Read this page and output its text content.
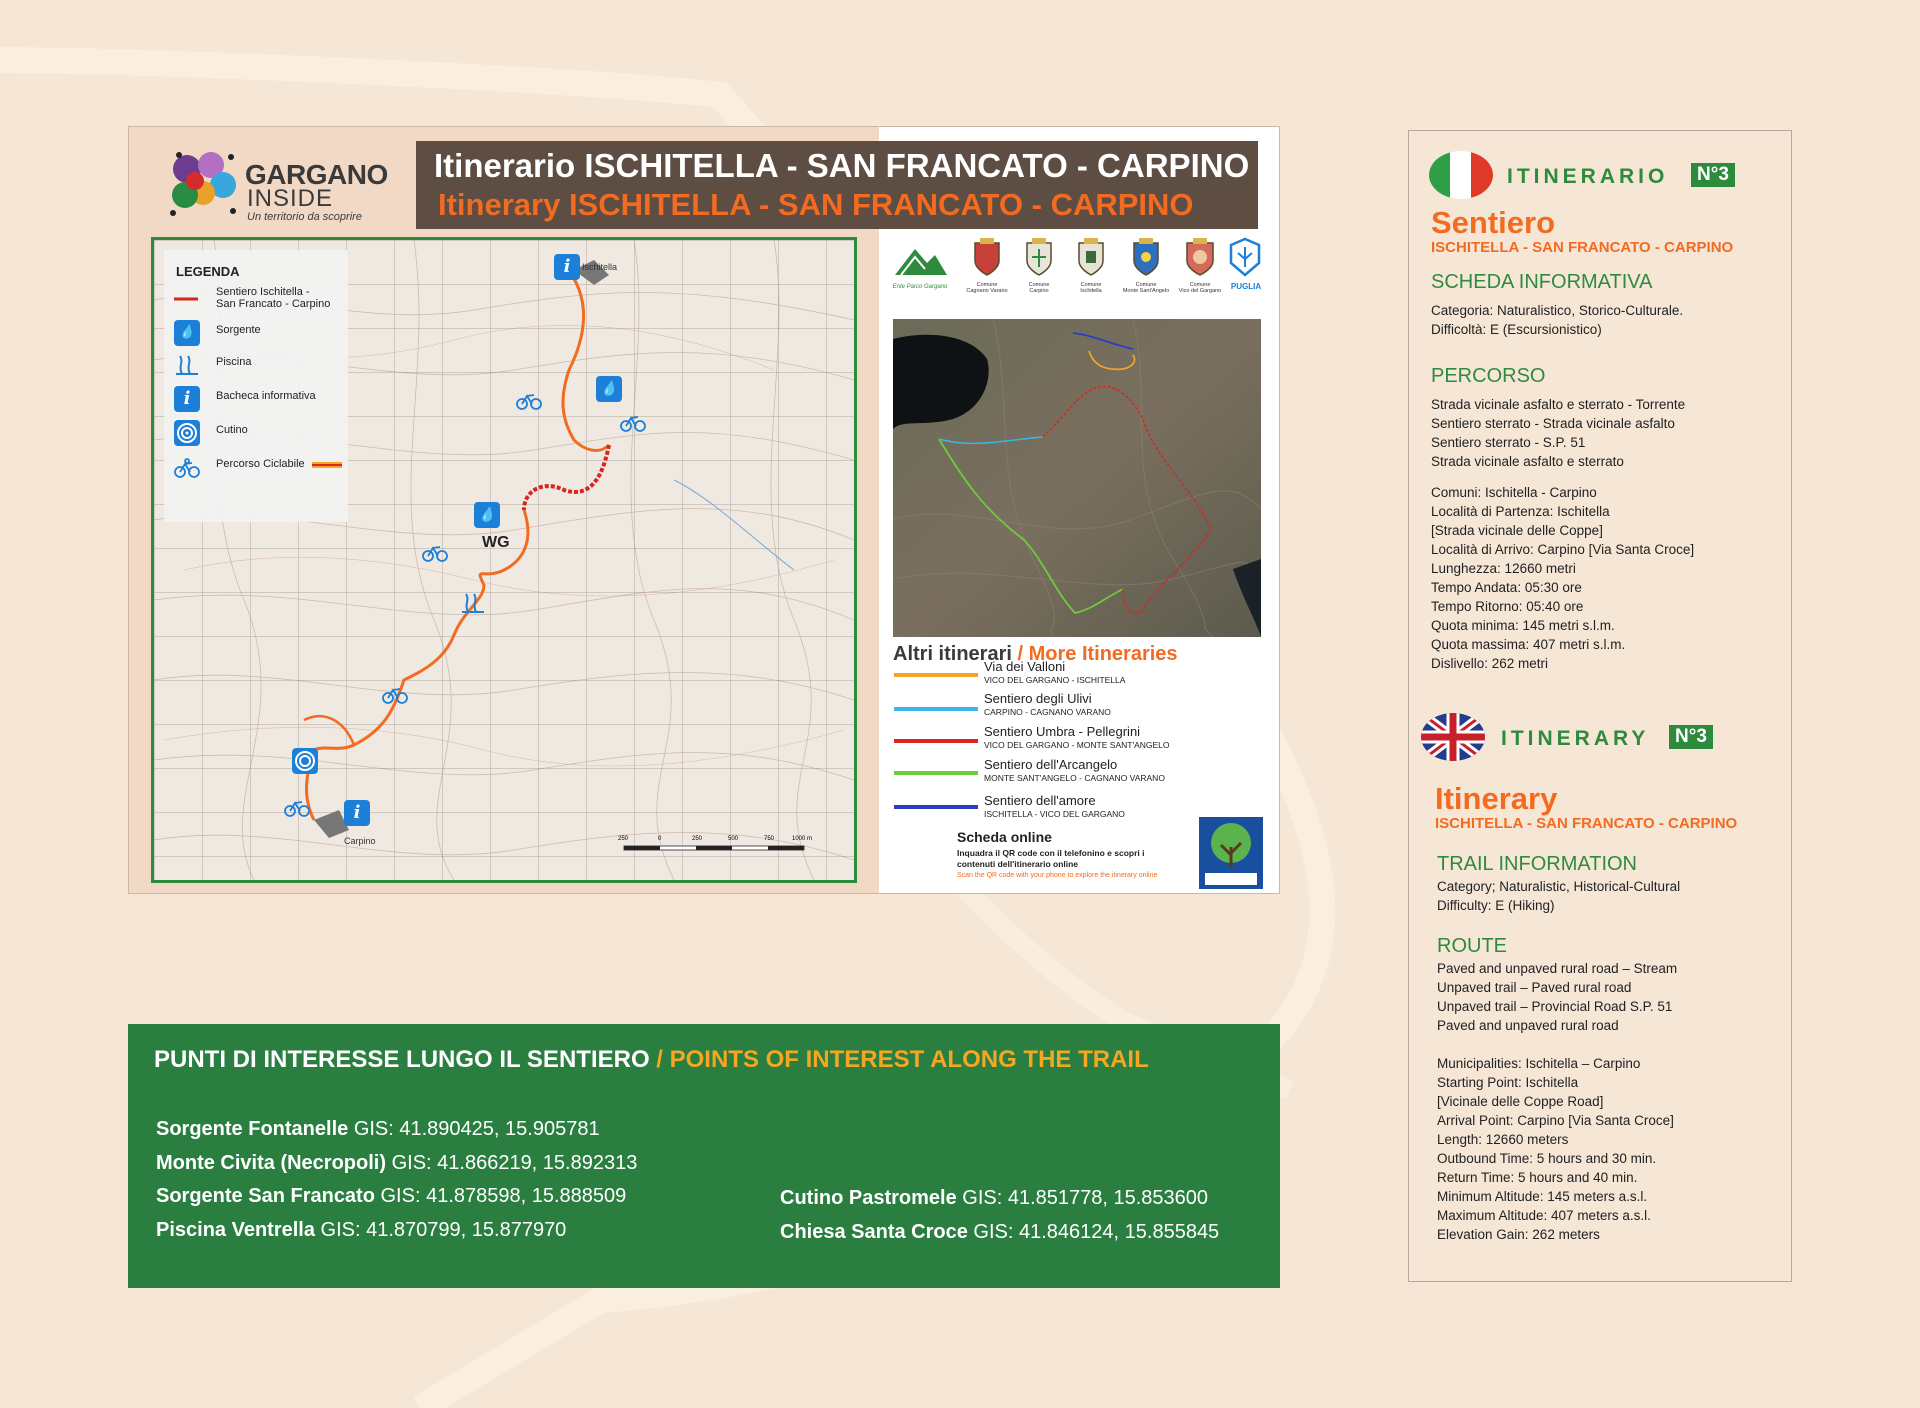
GARGANO
INSIDE
Un territorio da scoprire
Itinerario ISCHITELLA - SAN FRANCATO - CARPINO
Itinerary ISCHITELLA - SAN FRANCATO - CARPINO
LEGENDA
Sentiero Ischitella -
San Francato - Carpino
💧	Sorgente
Piscina
i	Bacheca informativa
Cutino
Percorso Ciclabile
i
💧
💧
i
Ischitella
Carpino
WG
250	0	250	500	750	1000 m
Ente Parco Gargano	Comune
Cagnano Varano
Comune
Carpino
Comune
Ischitella
Comune
Monte Sant'Angelo
Comune
Vico del Gargano	PUGLIA
Altri itinerari / More Itineraries
Via dei Valloni
VICO DEL GARGANO - ISCHITELLA
Sentiero degli Ulivi
CARPINO - CAGNANO VARANO
Sentiero Umbra - Pellegrini
VICO DEL GARGANO - MONTE SANT'ANGELO
Sentiero dell'Arcangelo
MONTE SANT'ANGELO - CAGNANO VARANO
Sentiero dell'amore
ISCHITELLA - VICO DEL GARGANO
Scheda online
Inquadra il QR code con il telefonino e scopri i contenuti dell'itinerario online
Scan the QR code with your phone to explore the itinerary online
PUNTI DI INTERESSE LUNGO IL SENTIERO / POINTS OF INTEREST ALONG THE TRAIL
Sorgente Fontanelle GIS: 41.890425, 15.905781
Monte Civita (Necropoli) GIS: 41.866219, 15.892313
Sorgente San Francato GIS: 41.878598, 15.888509
Piscina Ventrella GIS: 41.870799, 15.877970
Cutino Pastromele GIS: 41.851778, 15.853600
Chiesa Santa Croce GIS: 41.846124, 15.855845
ITINERARIO	N°3
Sentiero
ISCHITELLA - SAN FRANCATO - CARPINO
SCHEDA INFORMATIVA
Categoria: Naturalistico, Storico-Culturale.
Difficoltà: E (Escursionistico)
PERCORSO
Strada vicinale asfalto e sterrato - Torrente
Sentiero sterrato - Strada vicinale asfalto
Sentiero sterrato - S.P. 51
Strada vicinale asfalto e sterrato
Comuni: Ischitella - Carpino
Località di Partenza: Ischitella
[Strada vicinale delle Coppe]
Località di Arrivo: Carpino [Via Santa Croce]
Lunghezza: 12660 metri
Tempo Andata: 05:30 ore
Tempo Ritorno: 05:40 ore
Quota minima: 145 metri s.l.m.
Quota massima: 407 metri s.l.m.
Dislivello: 262 metri
ITINERARY	N°3
Itinerary
ISCHITELLA - SAN FRANCATO - CARPINO
TRAIL INFORMATION
Category; Naturalistic, Historical-Cultural
Difficulty: E (Hiking)
ROUTE
Paved and unpaved rural road – Stream
Unpaved trail – Paved rural road
Unpaved trail – Provincial Road S.P. 51
Paved and unpaved rural road
Municipalities: Ischitella – Carpino
Starting Point: Ischitella
[Vicinale delle Coppe Road]
Arrival Point: Carpino [Via Santa Croce]
Length: 12660 meters
Outbound Time: 5 hours and 30 min.
Return Time: 5 hours and 40 min.
Minimum Altitude: 145 meters a.s.l.
Maximum Altitude: 407 meters a.s.l.
Elevation Gain: 262 meters
